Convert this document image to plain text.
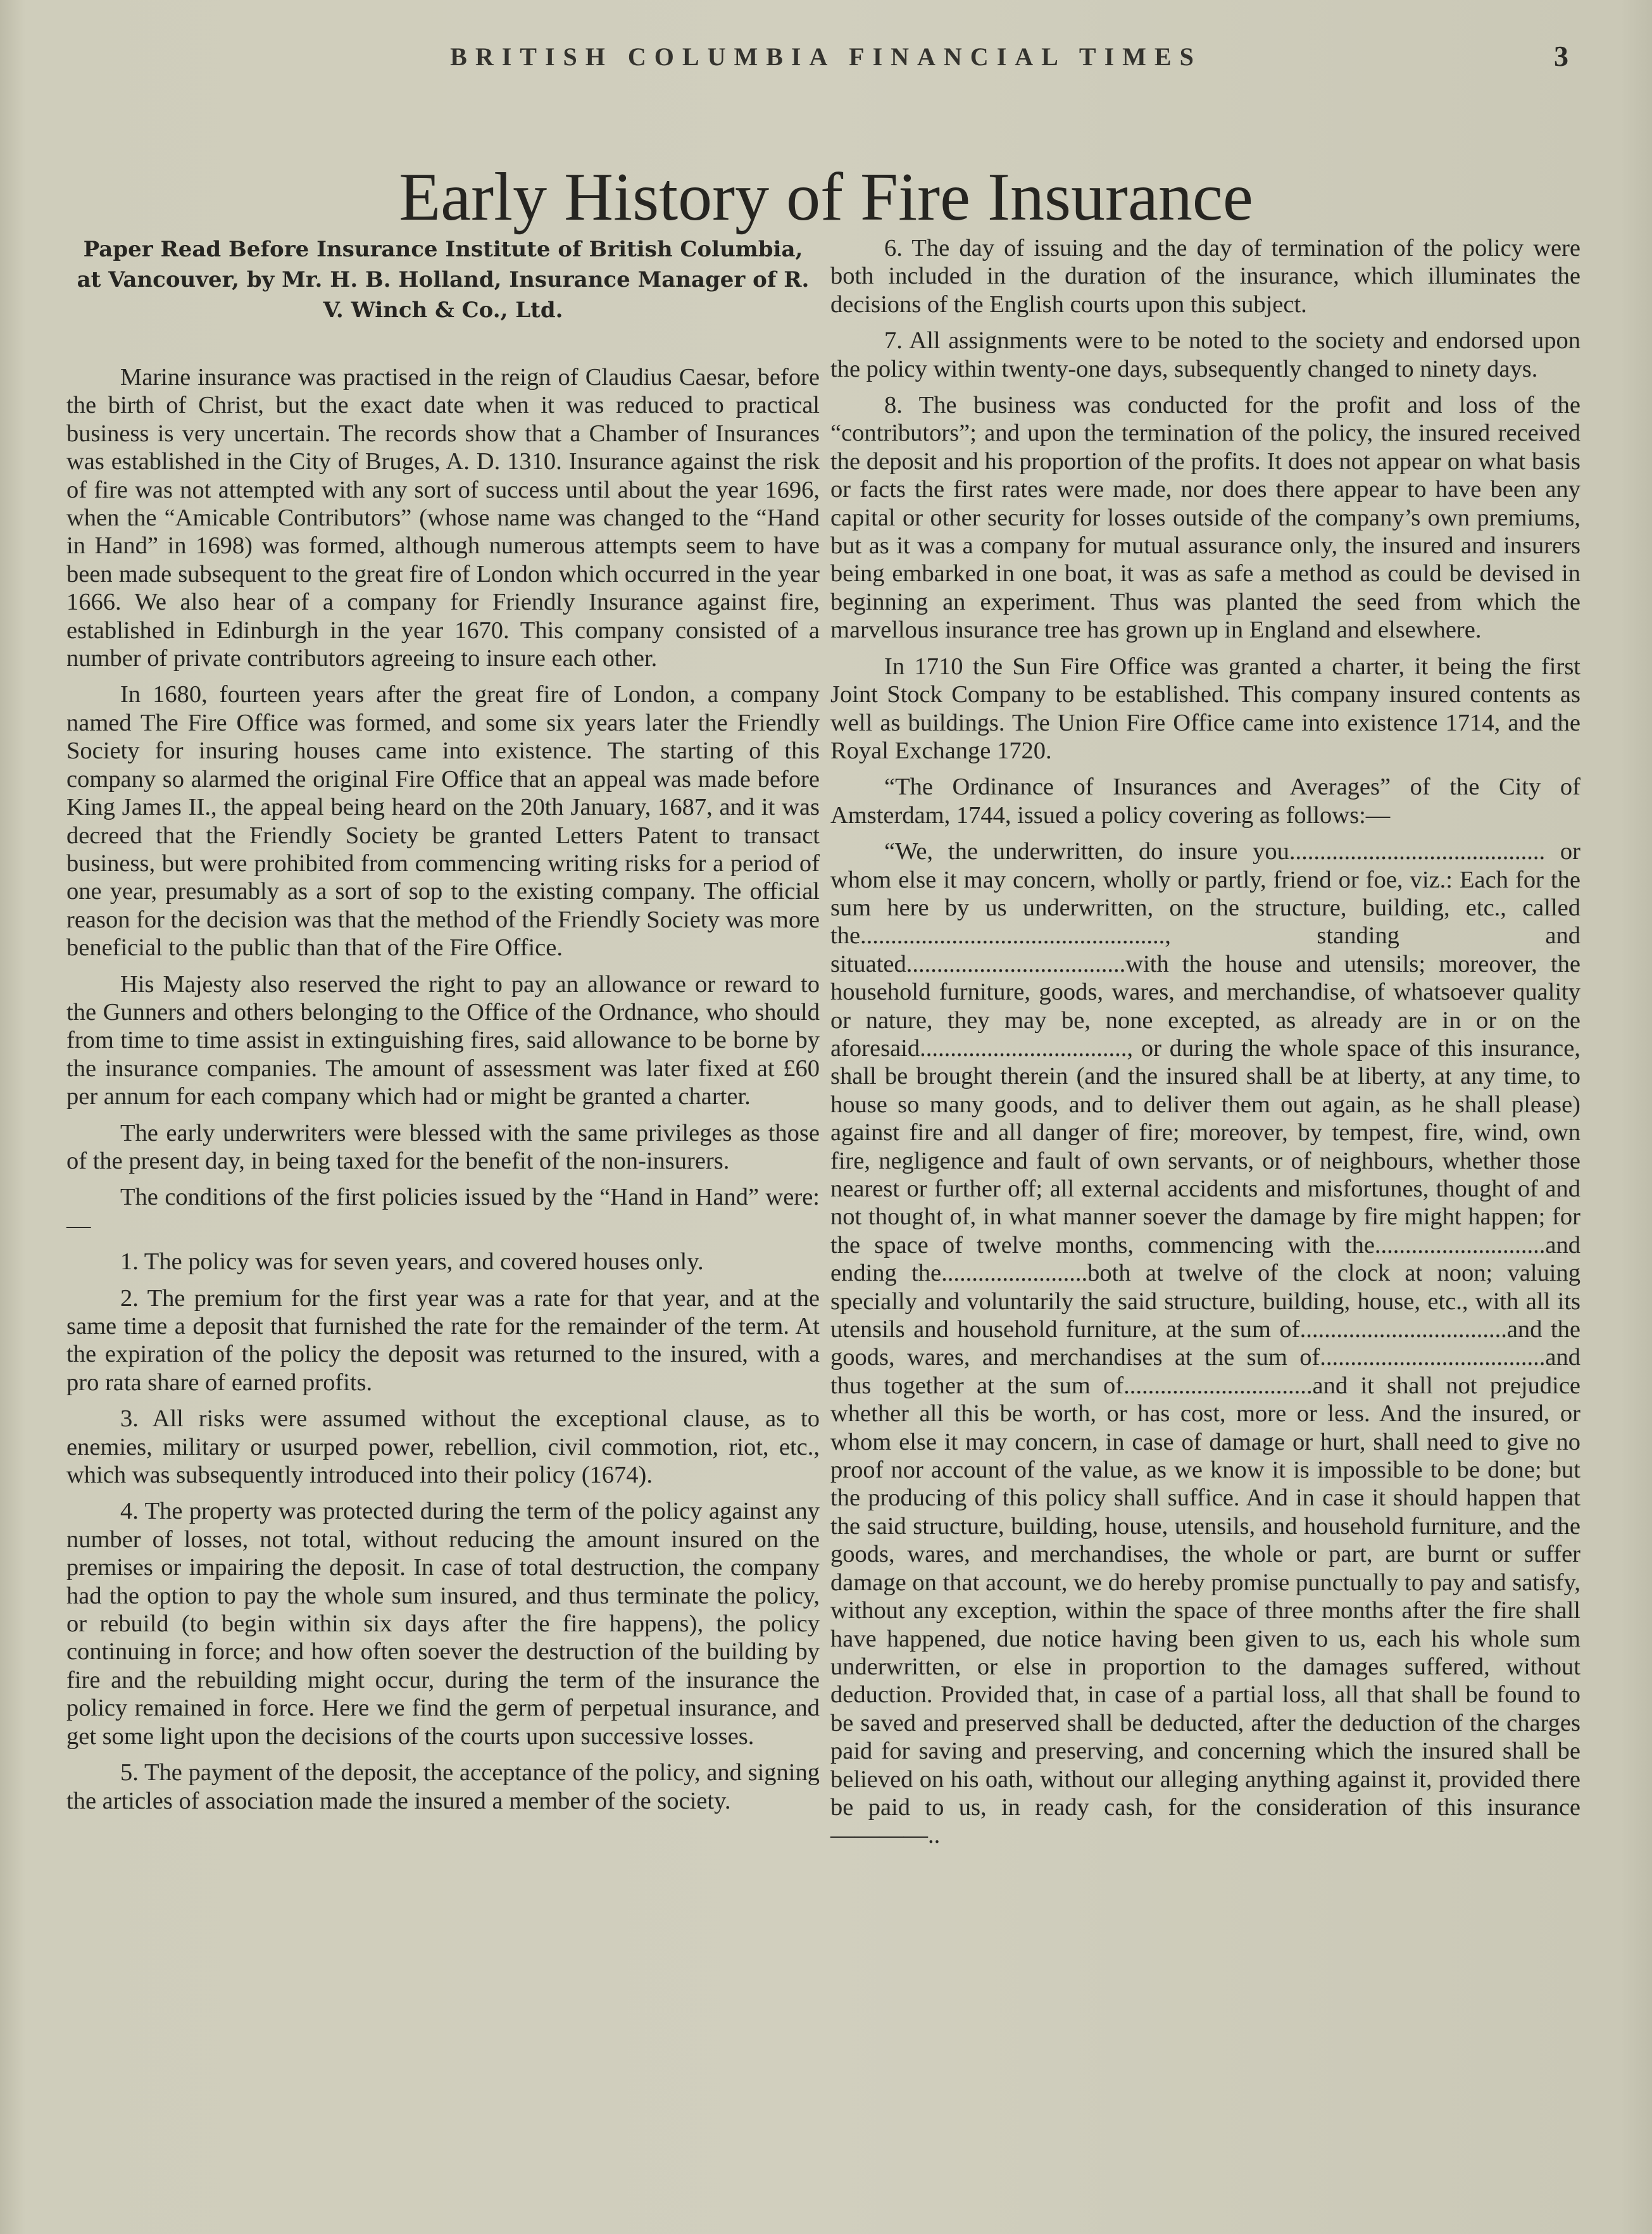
BRITISH COLUMBIA FINANCIAL TIMES	3
Early History of Fire Insurance

Paper Read Before Insurance Institute of British Columbia, at Vancouver, by Mr. H. B. Holland, Insurance Manager of R. V. Winch & Co., Ltd.

Marine insurance was practised in the reign of Claudius Caesar, before the birth of Christ, but the exact date when it was reduced to practical business is very uncertain. The records show that a Chamber of Insurances was established in the City of Bruges, A. D. 1310. Insurance against the risk of fire was not attempted with any sort of success until about the year 1696, when the “Amicable Contributors” (whose name was changed to the “Hand in Hand” in 1698) was formed, although numerous attempts seem to have been made subsequent to the great fire of London which occurred in the year 1666. We also hear of a company for Friendly Insurance against fire, established in Edinburgh in the year 1670. This company consisted of a number of private contributors agreeing to insure each other.

In 1680, fourteen years after the great fire of London, a company named The Fire Office was formed, and some six years later the Friendly Society for insuring houses came into existence. The starting of this company so alarmed the original Fire Office that an appeal was made before King James II., the appeal being heard on the 20th January, 1687, and it was decreed that the Friendly Society be granted Letters Patent to transact business, but were prohibited from commencing writing risks for a period of one year, presumably as a sort of sop to the existing company. The official reason for the decision was that the method of the Friendly Society was more beneficial to the public than that of the Fire Office.

His Majesty also reserved the right to pay an allowance or reward to the Gunners and others belonging to the Office of the Ordnance, who should from time to time assist in extinguishing fires, said allowance to be borne by the insurance companies. The amount of assessment was later fixed at £60 per annum for each company which had or might be granted a charter.

The early underwriters were blessed with the same privileges as those of the present day, in being taxed for the benefit of the non-insurers.

The conditions of the first policies issued by the “Hand in Hand” were:—

1. The policy was for seven years, and covered houses only.

2. The premium for the first year was a rate for that year, and at the same time a deposit that furnished the rate for the remainder of the term. At the expiration of the policy the deposit was returned to the insured, with a pro rata share of earned profits.

3. All risks were assumed without the exceptional clause, as to enemies, military or usurped power, rebellion, civil commotion, riot, etc., which was subsequently introduced into their policy (1674).

4. The property was protected during the term of the policy against any number of losses, not total, without reducing the amount insured on the premises or impairing the deposit. In case of total destruction, the company had the option to pay the whole sum insured, and thus terminate the policy, or rebuild (to begin within six days after the fire happens), the policy continuing in force; and how often soever the destruction of the building by fire and the rebuilding might occur, during the term of the insurance the policy remained in force. Here we find the germ of perpetual insurance, and get some light upon the decisions of the courts upon successive losses.

5. The payment of the deposit, the acceptance of the policy, and signing the articles of association made the insured a member of the society.

6. The day of issuing and the day of termination of the policy were both included in the duration of the insurance, which illuminates the decisions of the English courts upon this subject.

7. All assignments were to be noted to the society and endorsed upon the policy within twenty-one days, subsequently changed to ninety days.

8. The business was conducted for the profit and loss of the “contributors”; and upon the termination of the policy, the insured received the deposit and his proportion of the profits. It does not appear on what basis or facts the first rates were made, nor does there appear to have been any capital or other security for losses outside of the company’s own premiums, but as it was a company for mutual assurance only, the insured and insurers being embarked in one boat, it was as safe a method as could be devised in beginning an experiment. Thus was planted the seed from which the marvellous insurance tree has grown up in England and elsewhere.

In 1710 the Sun Fire Office was granted a charter, it being the first Joint Stock Company to be established. This company insured contents as well as buildings. The Union Fire Office came into existence 1714, and the Royal Exchange 1720.

“The Ordinance of Insurances and Averages” of the City of Amsterdam, 1744, issued a policy covering as follows:—

“We, the underwritten, do insure you.......................................... or whom else it may concern, wholly or partly, friend or foe, viz.: Each for the sum here by us underwritten, on the structure, building, etc., called the.................................................., standing and situated....................................with the house and utensils; moreover, the household furniture, goods, wares, and merchandise, of whatsoever quality or nature, they may be, none excepted, as already are in or on the aforesaid.................................., or during the whole space of this insurance, shall be brought therein (and the insured shall be at liberty, at any time, to house so many goods, and to deliver them out again, as he shall please) against fire and all danger of fire; moreover, by tempest, fire, wind, own fire, negligence and fault of own servants, or of neighbours, whether those nearest or further off; all external accidents and misfortunes, thought of and not thought of, in what manner soever the damage by fire might happen; for the space of twelve months, commencing with the............................and ending the........................both at twelve of the clock at noon; valuing specially and voluntarily the said structure, building, house, etc., with all its utensils and household furniture, at the sum of..................................and the goods, wares, and merchandises at the sum of.....................................and thus together at the sum of...............................and it shall not prejudice whether all this be worth, or has cost, more or less. And the insured, or whom else it may concern, in case of damage or hurt, shall need to give no proof nor account of the value, as we know it is impossible to be done; but the producing of this policy shall suffice. And in case it should happen that the said structure, building, house, utensils, and household furniture, and the goods, wares, and merchandises, the whole or part, are burnt or suffer damage on that account, we do hereby promise punctually to pay and satisfy, without any exception, within the space of three months after the fire shall have happened, due notice having been given to us, each his whole sum underwritten, or else in proportion to the damages suffered, without deduction. Provided that, in case of a partial loss, all that shall be found to be saved and preserved shall be deducted, after the deduction of the charges paid for saving and preserving, and concerning which the insured shall be believed on his oath, without our alleging anything against it, provided there be paid to us, in ready cash, for the consideration of this insurance————..
